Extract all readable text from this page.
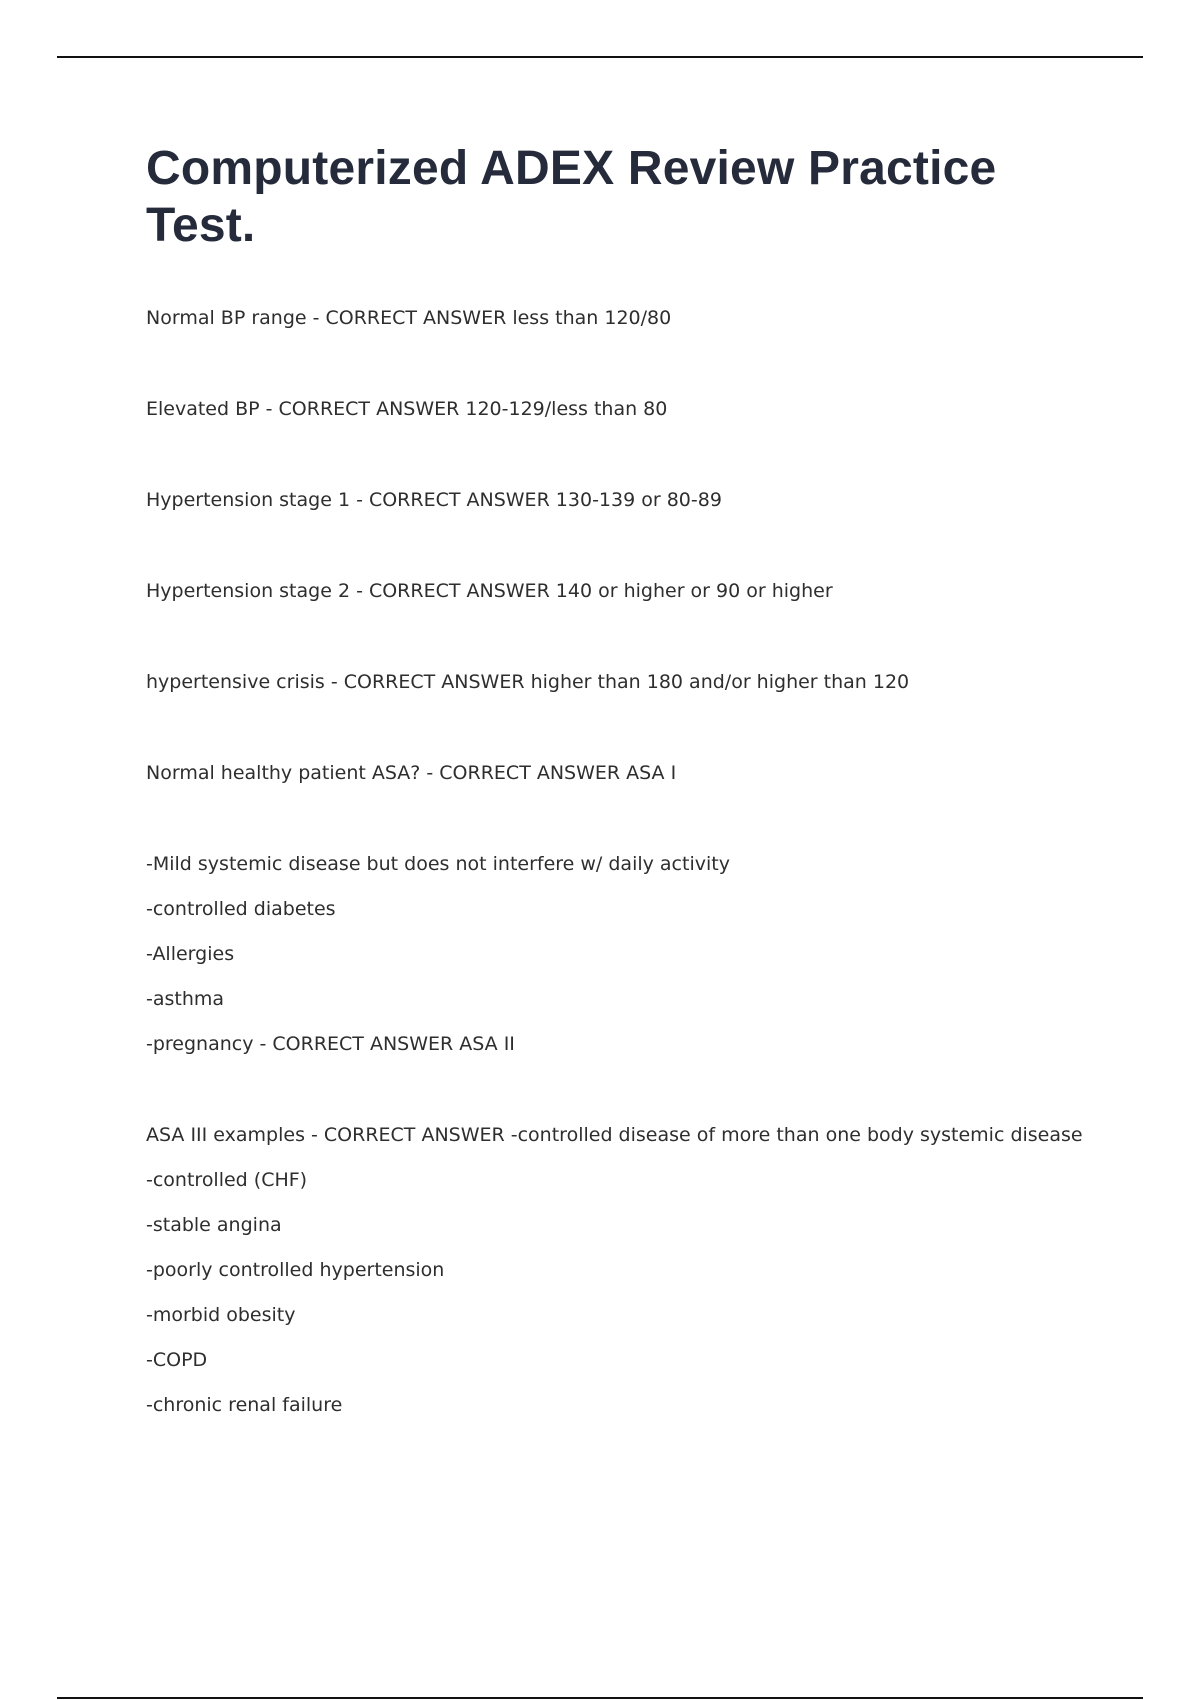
Computerized ADEX Review Practice Test.
Normal BP range - CORRECT ANSWER less than 120/80
Elevated BP - CORRECT ANSWER 120-129/less than 80
Hypertension stage 1 - CORRECT ANSWER 130-139 or 80-89
Hypertension stage 2 - CORRECT ANSWER 140 or higher or 90 or higher
hypertensive crisis - CORRECT ANSWER higher than 180 and/or higher than 120
Normal healthy patient ASA? - CORRECT ANSWER ASA I
-Mild systemic disease but does not interfere w/ daily activity
-controlled diabetes
-Allergies
-asthma
-pregnancy - CORRECT ANSWER ASA II
ASA III examples - CORRECT ANSWER -controlled disease of more than one body systemic disease
-controlled (CHF)
-stable angina
-poorly controlled hypertension
-morbid obesity
-COPD
-chronic renal failure
